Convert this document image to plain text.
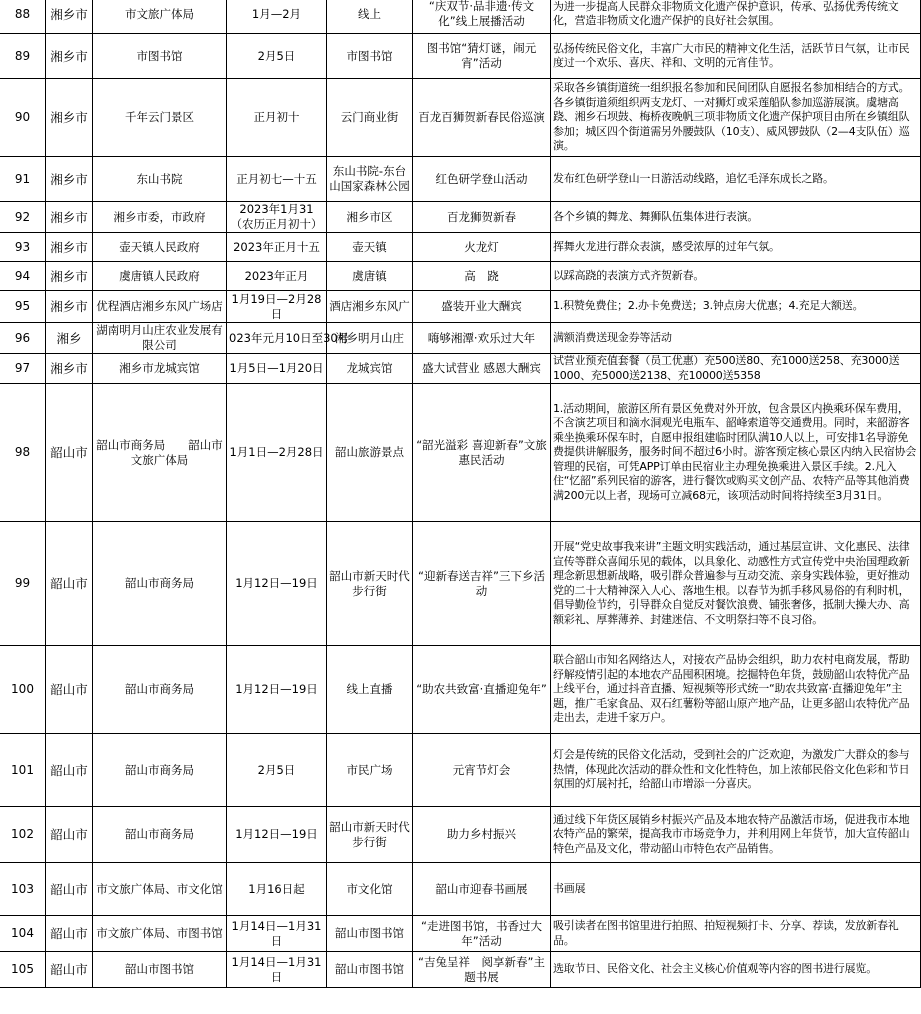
88	湘乡市	市文旅广体局	1月—2月	线上	“庆双节·品非遗·传文化”线上展播活动	为进一步提高人民群众非物质文化遗产保护意识，传承、弘扬优秀传统文化，营造非物质文化遗产保护的良好社会氛围。
89	湘乡市	市图书馆	2月5日	市图书馆	图书馆“猜灯谜，闹元宵”活动	弘扬传统民俗文化，丰富广大市民的精神文化生活，活跃节日气氛，让市民度过一个欢乐、喜庆、祥和、文明的元宵佳节。
90	湘乡市	千年云门景区	正月初十	云门商业街	百龙百狮贺新春民俗巡演	采取各乡镇街道统一组织报名参加和民间团队自愿报名参加相结合的方式。各乡镇街道须组织两支龙灯、一对狮灯或采莲船队参加巡游展演。虞塘高跷、湘乡石坝鼓、梅桥夜晚帆三项非物质文化遗产保护项目由所在乡镇组队参加；城区四个街道需另外腰鼓队（10支）、威风锣鼓队（2—4支队伍）巡演。
91	湘乡市	东山书院	正月初七—十五	东山书院-东台山国家森林公园	红色研学登山活动	发布红色研学登山一日游活动线路，追忆毛泽东成长之路。
92	湘乡市	湘乡市委，市政府	2023年1月31（农历正月初十）	湘乡市区	百龙狮贺新春	各个乡镇的舞龙、舞狮队伍集体进行表演。
93	湘乡市	壶天镇人民政府	2023年正月十五	壶天镇	火龙灯	挥舞火龙进行群众表演，感受浓厚的过年气氛。
94	湘乡市	虞唐镇人民政府	2023年正月	虞唐镇	高　跷	以踩高跷的表演方式齐贺新春。
95	湘乡市	优程酒店湘乡东风广场店	1月19日—2月28日	酒店湘乡东风广	盛装开业大酬宾	1.积赞免费住；2.办卡免费送；3.钟点房大优惠；4.充足大额送。
96	湘乡	湖南明月山庄农业发展有限公司	023年元月10日至30号	湘乡明月山庄	嗨够湘潭·欢乐过大年	满额消费送现金券等活动
97	湘乡市	湘乡市龙城宾馆	1月5日—1月20日	龙城宾馆	盛大试营业 感恩大酬宾	试营业预充值套餐（员工优惠）充500送80、充1000送258、充3000送1000、充5000送2138、充10000送5358
98	韶山市	韶山市商务局　　韶山市文旅广体局	1月1日—2月28日	韶山旅游景点	“韶光溢彩 喜迎新春”文旅惠民活动	1.活动期间，旅游区所有景区免费对外开放，包含景区内换乘环保车费用，不含演艺项目和滴水洞观光电瓶车、韶峰索道等交通费用。同时，来韶游客乘坐换乘环保车时，自愿申报组建临时团队满10人以上，可安排1名导游免费提供讲解服务，服务时间不超过6小时。游客预定核心景区内纳入民宿协会管理的民宿，可凭APP订单由民宿业主办理免换乘进入景区手续。2.凡入住“忆韶”系列民宿的游客，进行餐饮或购买文创产品、农特产品等其他消费满200元以上者，现场可立减68元，该项活动时间将持续至3月31日。
99	韶山市	韶山市商务局	1月12日—19日	韶山市新天时代步行街	“迎新春送吉祥”三下乡活动	开展“党史故事我来讲”主题文明实践活动，通过基层宣讲、文化惠民、法律宣传等群众喜闻乐见的载体，以具象化、动感性方式宣传党中央治国理政新理念新思想新战略，吸引群众普遍参与互动交流、亲身实践体验，更好推动党的二十大精神深入人心、落地生根。以春节为抓手移风易俗的有利时机，倡导勤俭节约，引导群众自觉反对餐饮浪费、铺张奢侈，抵制大操大办、高额彩礼、厚葬薄养、封建迷信、不文明祭扫等不良习俗。
100	韶山市	韶山市商务局	1月12日—19日	线上直播	“助农共致富·直播迎兔年”	联合韶山市知名网络达人，对接农产品协会组织，助力农村电商发展，帮助纾解疫情引起的本地农产品囤积困境。挖掘特色年货，鼓励韶山农特优产品上线平台，通过抖音直播、短视频等形式统一“助农共致富·直播迎兔年”主题，推广毛家食品、双石红薯粉等韶山原产地产品，让更多韶山农特优产品走出去，走进千家万户。
101	韶山市	韶山市商务局	2月5日	市民广场	元宵节灯会	灯会是传统的民俗文化活动，受到社会的广泛欢迎，为激发广大群众的参与热情，体现此次活动的群众性和文化性特色，加上浓郁民俗文化色彩和节日氛围的灯展衬托，给韶山市增添一分喜庆。
102	韶山市	韶山市商务局	1月12日—19日	韶山市新天时代步行街	助力乡村振兴	通过线下年货区展销乡村振兴产品及本地农特产品激活市场，促进我市本地农特产品的繁荣，提高我市市场竞争力，并利用网上年货节，加大宣传韶山特色产品及文化，带动韶山市特色农产品销售。
103	韶山市	市文旅广体局、市文化馆	1月16日起	市文化馆	韶山市迎春书画展	书画展
104	韶山市	市文旅广体局、市图书馆	1月14日—1月31日	韶山市图书馆	“走进图书馆，书香过大年”活动	吸引读者在图书馆里进行拍照、拍短视频打卡、分享、荐读，发放新春礼品。
105	韶山市	韶山市图书馆	1月14日—1月31日	韶山市图书馆	“吉兔呈祥　阅享新春”主题书展	选取节日、民俗文化、社会主义核心价值观等内容的图书进行展览。
